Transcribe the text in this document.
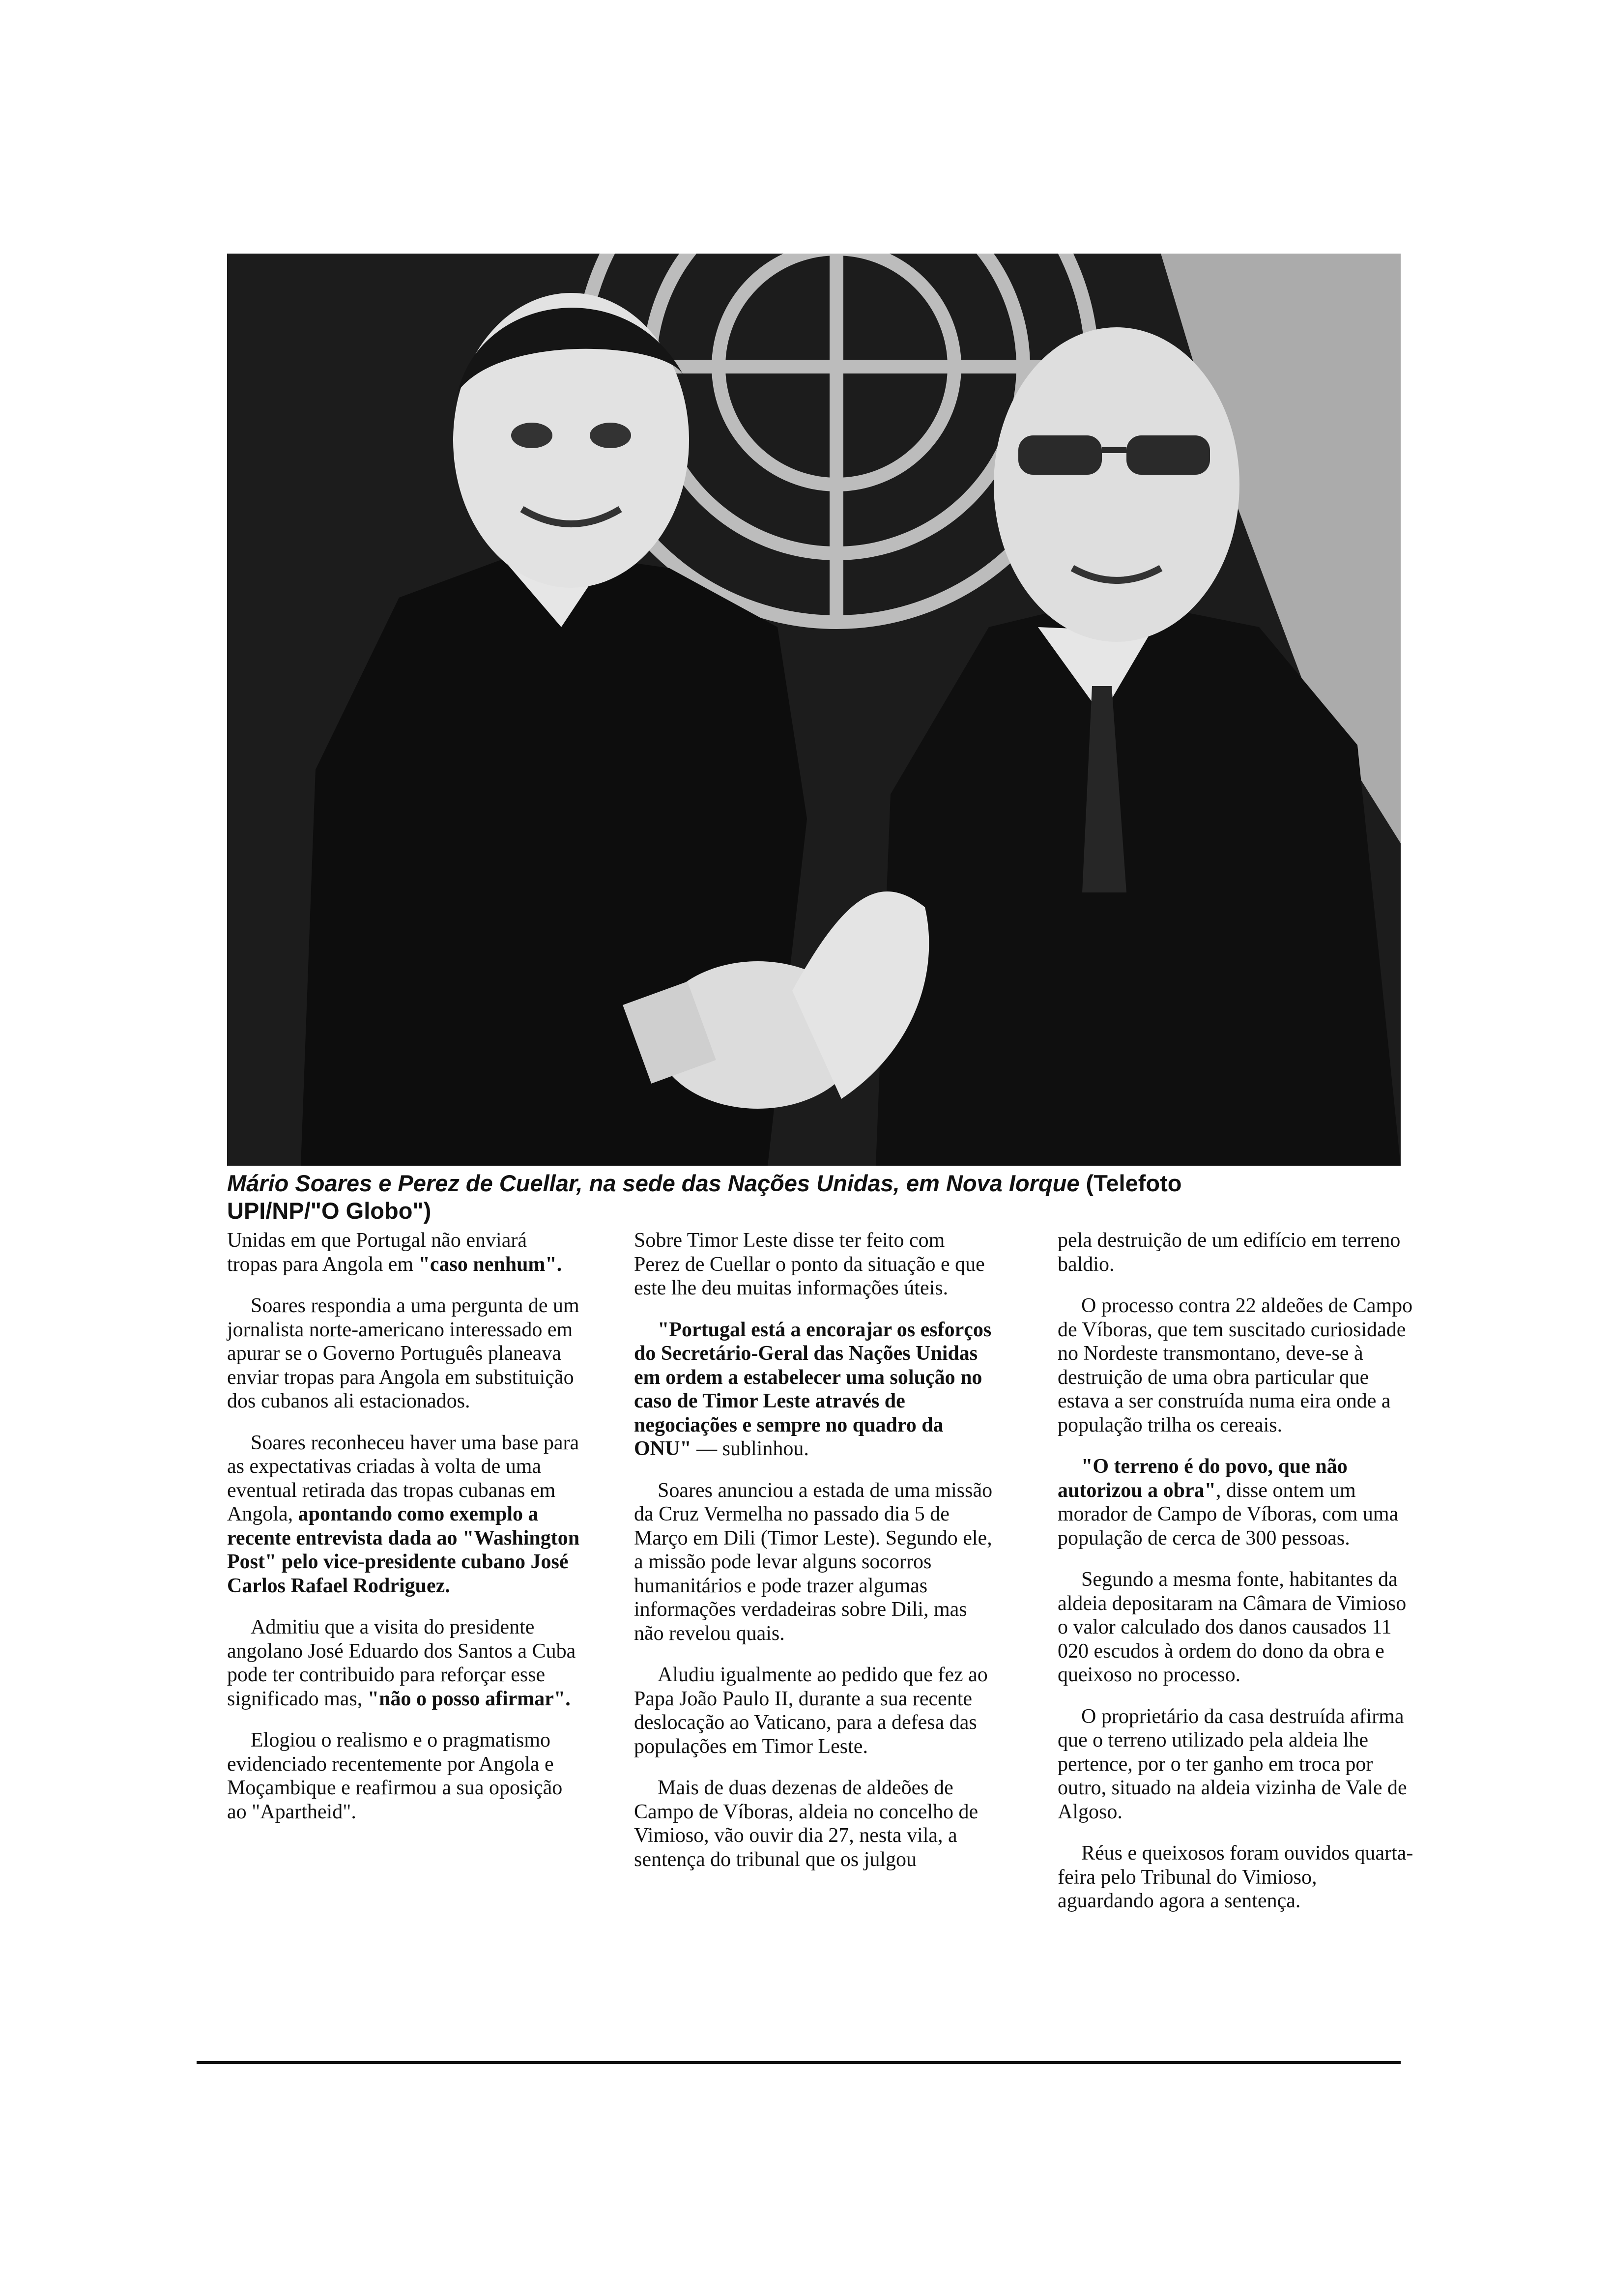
Mário Soares e Perez de Cuellar, na sede das Nações Unidas, em Nova Iorque (Telefoto
UPI/NP/"O Globo")

Unidas em que Portugal não enviará tropas para Angola em "caso nenhum".

Soares respondia a uma pergunta de um jornalista norte-americano interessado em apurar se o Governo Português planeava enviar tropas para Angola em substituição dos cubanos ali estacionados.

Soares reconheceu haver uma base para as expectativas criadas à volta de uma eventual retirada das tropas cubanas em Angola, apontando como exemplo a recente entrevista dada ao "Washington Post" pelo vice-presidente cubano José Carlos Rafael Rodriguez.

Admitiu que a visita do presidente angolano José Eduardo dos Santos a Cuba pode ter contribuido para reforçar esse significado mas, "não o posso afirmar".

Elogiou o realismo e o pragmatismo evidenciado recentemente por Angola e Moçambique e reafirmou a sua oposição ao "Apartheid".

Sobre Timor Leste disse ter feito com Perez de Cuellar o ponto da situação e que este lhe deu muitas informações úteis.

"Portugal está a encorajar os esforços do Secretário-Geral das Nações Unidas em ordem a estabelecer uma solução no caso de Timor Leste através de negociações e sempre no quadro da ONU" — sublinhou.

Soares anunciou a estada de uma missão da Cruz Vermelha no passado dia 5 de Março em Dili (Timor Leste). Segundo ele, a missão pode levar alguns socorros humanitários e pode trazer algumas informações verdadeiras sobre Dili, mas não revelou quais.

Aludiu igualmente ao pedido que fez ao Papa João Paulo II, durante a sua recente deslocação ao Vaticano, para a defesa das populações em Timor Leste.

Mais de duas dezenas de aldeões de Campo de Víboras, aldeia no concelho de Vimioso, vão ouvir dia 27, nesta vila, a sentença do tribunal que os julgou

pela destruição de um edifício em terreno baldio.

O processo contra 22 aldeões de Campo de Víboras, que tem suscitado curiosidade no Nordeste transmontano, deve-se à destruição de uma obra particular que estava a ser construída numa eira onde a população trilha os cereais.

"O terreno é do povo, que não autorizou a obra", disse ontem um morador de Campo de Víboras, com uma população de cerca de 300 pessoas.

Segundo a mesma fonte, habitantes da aldeia depositaram na Câmara de Vimioso o valor calculado dos danos causados 11 020 escudos à ordem do dono da obra e queixoso no processo.

O proprietário da casa destruída afirma que o terreno utilizado pela aldeia lhe pertence, por o ter ganho em troca por outro, situado na aldeia vizinha de Vale de Algoso.

Réus e queixosos foram ouvidos quarta-feira pelo Tribunal do Vimioso, aguardando agora a sentença.
